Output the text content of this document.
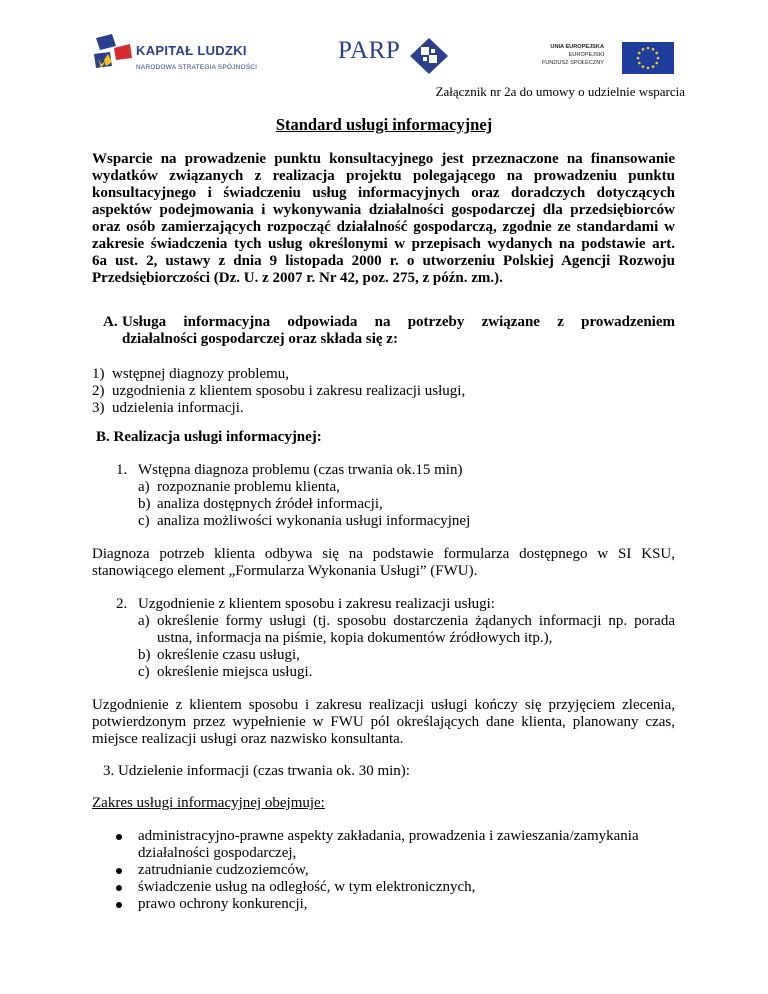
KAPITAŁ LUDZKI
NARODOWA STRATEGIA SPÓJNOŚCI
PARP	UNIA EUROPEJSKA
EUROPEJSKI
FUNDUSZ SPOŁECZNY
Załącznik nr 2a do umowy o udzielnie wsparcia
Standard usługi informacyjnej
Wsparcie na prowadzenie punktu konsultacyjnego jest przeznaczone na finansowanie
wydatków związanych z realizacja projektu polegającego na prowadzeniu punktu
konsultacyjnego i świadczeniu usług informacyjnych oraz doradczych dotyczących
aspektów podejmowania i wykonywania działalności gospodarczej dla przedsiębiorców
oraz osób zamierzających rozpocząć działalność gospodarczą, zgodnie ze standardami w
zakresie świadczenia tych usług określonymi w przepisach wydanych na podstawie art.
6a ust. 2, ustawy z dnia 9 listopada 2000 r. o utworzeniu Polskiej Agencji Rozwoju
Przedsiębiorczości (Dz. U. z 2007 r. Nr 42, poz. 275, z późn. zm.).
A. Usługa informacyjna odpowiada na potrzeby związane z prowadzeniem
działalności gospodarczej oraz składa się z:
1) wstępnej diagnozy problemu,
2) uzgodnienia z klientem sposobu i zakresu realizacji usługi,
3) udzielenia informacji.
B. Realizacja usługi informacyjnej:
1. Wstępna diagnoza problemu (czas trwania ok.15 min)
a) rozpoznanie problemu klienta,
b) analiza dostępnych źródeł informacji,
c) analiza możliwości wykonania usługi informacyjnej
Diagnoza potrzeb klienta odbywa się na podstawie formularza dostępnego w SI KSU,
stanowiącego element „Formularza Wykonania Usługi” (FWU).
2. Uzgodnienie z klientem sposobu i zakresu realizacji usługi:
a) określenie formy usługi (tj. sposobu dostarczenia żądanych informacji np. porada
ustna, informacja na piśmie, kopia dokumentów źródłowych itp.),
b) określenie czasu usługi,
c) określenie miejsca usługi.
Uzgodnienie z klientem sposobu i zakresu realizacji usługi kończy się przyjęciem zlecenia,
potwierdzonym przez wypełnienie w FWU pól określających dane klienta, planowany czas,
miejsce realizacji usługi oraz nazwisko konsultanta.
3. Udzielenie informacji (czas trwania ok. 30 min):
Zakres usługi informacyjnej obejmuje:
administracyjno-prawne aspekty zakładania, prowadzenia i zawieszania/zamykania
działalności gospodarczej,
zatrudnianie cudzoziemców,
świadczenie usług na odległość, w tym elektronicznych,
prawo ochrony konkurencji,
